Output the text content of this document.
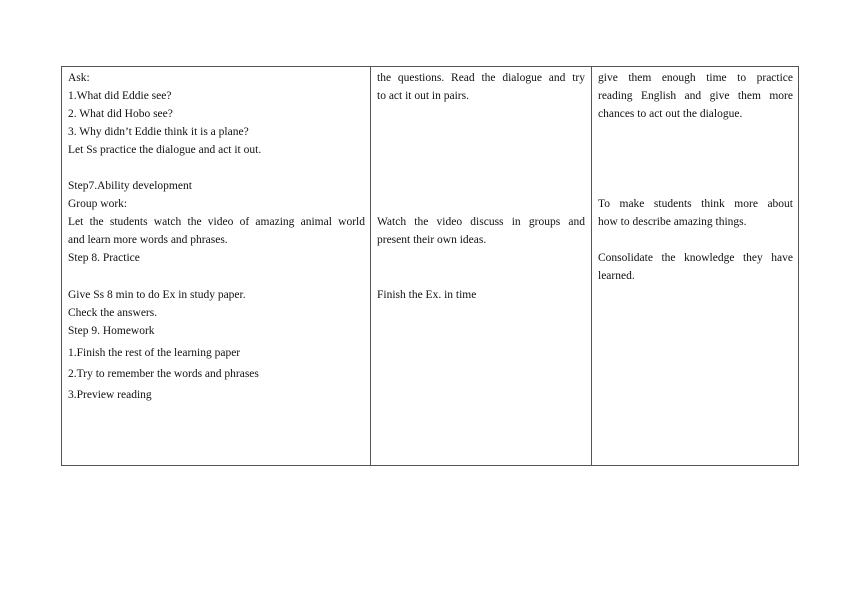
Ask:

1.What did Eddie see?

2. What did Hobo see?

3. Why didn’t Eddie think it is a plane?

Let Ss practice the dialogue and act it out.

Step7.Ability development

Group work:

Let the students watch the video of amazing animal world

and learn more words and phrases.

Step 8. Practice

Give Ss 8 min to do Ex in study paper.

Check the answers.

Step 9. Homework

1.Finish the rest of the learning paper

2.Try to remember the words and phrases

3.Preview reading

the questions. Read the dialogue and try

to act it out in pairs.

Watch the video discuss in groups and

present their own ideas.

Finish the Ex. in time

give them enough time to practice

reading English and give them more

chances to act out the dialogue.

To make students think more about

how to describe amazing things.

Consolidate the knowledge they have

learned.
